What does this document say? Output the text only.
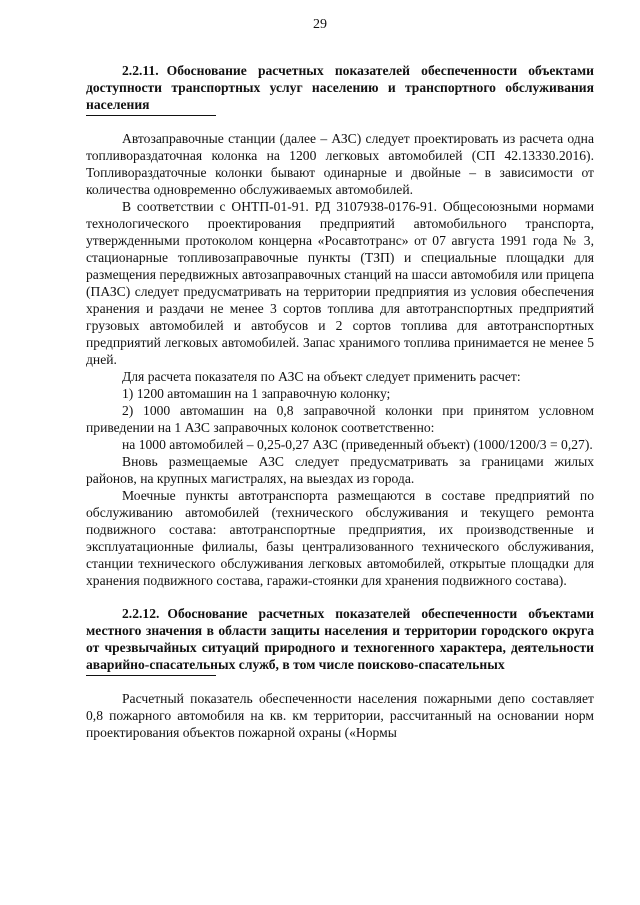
29
2.2.11. Обоснование расчетных показателей обеспеченности объектами доступности транспортных услуг населению и транспортного обслуживания населения

Автозаправочные станции (далее – АЗС) следует проектировать из расчета одна топливораздаточная колонка на 1200 легковых автомобилей (СП 42.13330.2016). Топливораздаточные колонки бывают одинарные и двойные – в зависимости от количества одновременно обслуживаемых автомобилей.

В соответствии с ОНТП-01-91. РД 3107938-0176-91. Общесоюзными нормами технологического проектирования предприятий автомобильного транспорта, утвержденными протоколом концерна «Росавтотранс» от 07 августа 1991 года № 3, стационарные топливозаправочные пункты (ТЗП) и специальные площадки для размещения передвижных автозаправочных станций на шасси автомобиля или прицепа (ПАЗС) следует предусматривать на территории предприятия из условия обеспечения хранения и раздачи не менее 3 сортов топлива для автотранспортных предприятий грузовых автомобилей и автобусов и 2 сортов топлива для автотранспортных предприятий легковых автомобилей. Запас хранимого топлива принимается не менее 5 дней.

Для расчета показателя по АЗС на объект следует применить расчет:

1) 1200 автомашин на 1 заправочную колонку;

2) 1000 автомашин на 0,8 заправочной колонки при принятом условном приведении на 1 АЗС заправочных колонок соответственно:

на 1000 автомобилей – 0,25-0,27 АЗС (приведенный объект) (1000/1200/3 = 0,27).

Вновь размещаемые АЗС следует предусматривать за границами жилых районов, на крупных магистралях, на выездах из города.

Моечные пункты автотранспорта размещаются в составе предприятий по обслуживанию автомобилей (технического обслуживания и текущего ремонта подвижного состава: автотранспортные предприятия, их производственные и эксплуатационные филиалы, базы централизованного технического обслуживания, станции технического обслуживания легковых автомобилей, открытые площадки для хранения подвижного состава, гаражи-стоянки для хранения подвижного состава).

2.2.12. Обоснование расчетных показателей обеспеченности объектами местного значения в области защиты населения и территории городского округа от чрезвычайных ситуаций природного и техногенного характера, деятельности аварийно-спасательных служб, в том числе поисково-спасательных

Расчетный показатель обеспеченности населения пожарными депо составляет 0,8 пожарного автомобиля на кв. км территории, рассчитанный на основании норм проектирования объектов пожарной охраны («Нормы
